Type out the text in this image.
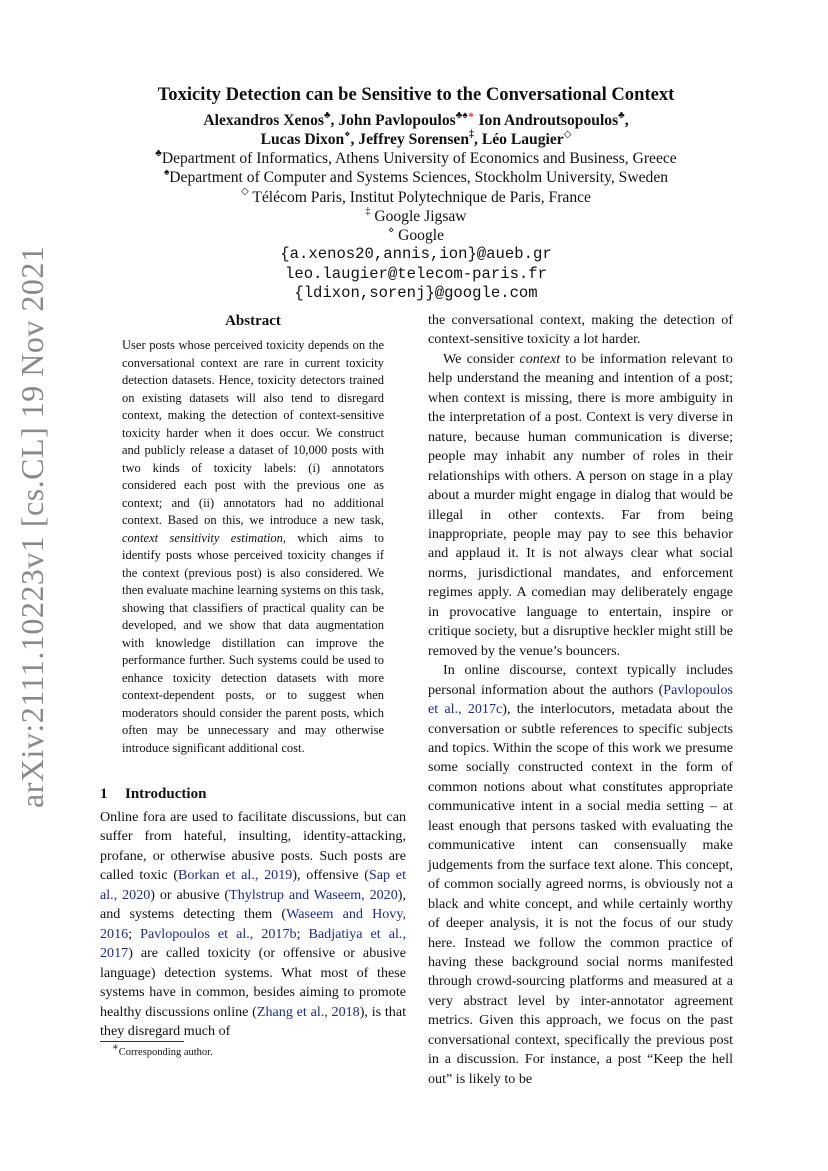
arXiv:2111.10223v1 [cs.CL] 19 Nov 2021
Toxicity Detection can be Sensitive to the Conversational Context
Alexandros Xenos♣, John Pavlopoulos♣♠∗ Ion Androutsopoulos♣,
Lucas Dixon⋄, Jeffrey Sorensen‡, Léo Laugier◇
♣Department of Informatics, Athens University of Economics and Business, Greece
♠Department of Computer and Systems Sciences, Stockholm University, Sweden
◇ Télécom Paris, Institut Polytechnique de Paris, France
‡ Google Jigsaw
⋄ Google
{a.xenos20,annis,ion}@aueb.gr
leo.laugier@telecom-paris.fr
{ldixon,sorenj}@google.com
Abstract

User posts whose perceived toxicity depends on the conversational context are rare in current toxicity detection datasets. Hence, toxicity detectors trained on existing datasets will also tend to disregard context, making the detection of context-sensitive toxicity harder when it does occur. We construct and publicly release a dataset of 10,000 posts with two kinds of toxicity labels: (i) annotators considered each post with the previous one as context; and (ii) annotators had no additional context. Based on this, we introduce a new task, context sensitivity estimation, which aims to identify posts whose perceived toxicity changes if the context (previous post) is also considered. We then evaluate machine learning systems on this task, showing that classifiers of practical quality can be developed, and we show that data augmentation with knowledge distillation can improve the performance further. Such systems could be used to enhance toxicity detection datasets with more context-dependent posts, or to suggest when moderators should consider the parent posts, which often may be unnecessary and may otherwise introduce significant additional cost.

1 Introduction

Online fora are used to facilitate discussions, but can suffer from hateful, insulting, identity-attacking, profane, or otherwise abusive posts. Such posts are called toxic (Borkan et al., 2019), offensive (Sap et al., 2020) or abusive (Thylstrup and Waseem, 2020), and systems detecting them (Waseem and Hovy, 2016; Pavlopoulos et al., 2017b; Badjatiya et al., 2017) are called toxicity (or offensive or abusive language) detection systems. What most of these systems have in common, besides aiming to promote healthy discussions online (Zhang et al., 2018), is that they disregard much of

the conversational context, making the detection of context-sensitive toxicity a lot harder.

We consider context to be information relevant to help understand the meaning and intention of a post; when context is missing, there is more ambiguity in the interpretation of a post. Context is very diverse in nature, because human communication is diverse; people may inhabit any number of roles in their relationships with others. A person on stage in a play about a murder might engage in dialog that would be illegal in other contexts. Far from being inappropriate, people may pay to see this behavior and applaud it. It is not always clear what social norms, jurisdictional mandates, and enforcement regimes apply. A comedian may deliberately engage in provocative language to entertain, inspire or critique society, but a disruptive heckler might still be removed by the venue’s bouncers.

In online discourse, context typically includes personal information about the authors (Pavlopoulos et al., 2017c), the interlocutors, metadata about the conversation or subtle references to specific subjects and topics. Within the scope of this work we presume some socially constructed context in the form of common notions about what constitutes appropriate communicative intent in a social media setting – at least enough that persons tasked with evaluating the communicative intent can consensually make judgements from the surface text alone. This concept, of common socially agreed norms, is obviously not a black and white concept, and while certainly worthy of deeper analysis, it is not the focus of our study here. Instead we follow the common practice of having these background social norms manifested through crowd-sourcing platforms and measured at a very abstract level by inter-annotator agreement metrics. Given this approach, we focus on the past conversational context, specifically the previous post in a discussion. For instance, a post “Keep the hell out” is likely to be

∗Corresponding author.
